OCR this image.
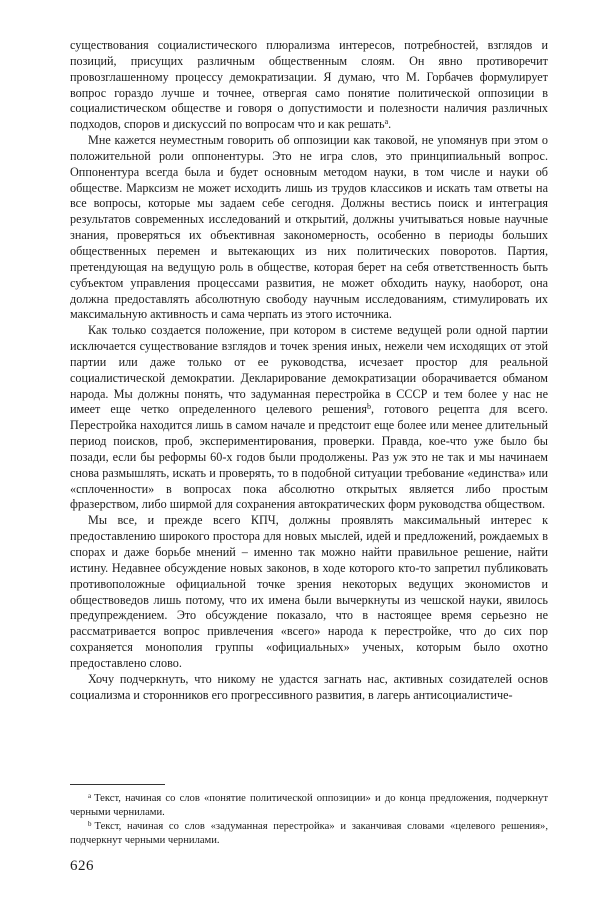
существования социалистического плюрализма интересов, потребностей, взглядов и позиций, присущих различным общественным слоям. Он явно противоречит провозглашенному процессу демократизации. Я думаю, что М. Горбачев формулирует вопрос гораздо лучше и точнее, отвергая само понятие политической оппозиции в социалистическом обществе и говоря о допустимости и полезности наличия различных подходов, споров и дискуссий по вопросам что и как решать$^a$.

Мне кажется неуместным говорить об оппозиции как таковой, не упомянув при этом о положительной роли оппонентуры. Это не игра слов, это принципиальный вопрос. Оппонентура всегда была и будет основным методом науки, в том числе и науки об обществе. Марксизм не может исходить лишь из трудов классиков и искать там ответы на все вопросы, которые мы задаем себе сегодня. Должны вестись поиск и интеграция результатов современных исследований и открытий, должны учитываться новые научные знания, проверяться их объективная закономерность, особенно в периоды больших общественных перемен и вытекающих из них политических поворотов. Партия, претендующая на ведущую роль в обществе, которая берет на себя ответственность быть субъектом управления процессами развития, не может обходить науку, наоборот, она должна предоставлять абсолютную свободу научным исследованиям, стимулировать их максимальную активность и сама черпать из этого источника.

Как только создается положение, при котором в системе ведущей роли одной партии исключается существование взглядов и точек зрения иных, нежели чем исходящих от этой партии или даже только от ее руководства, исчезает простор для реальной социалистической демократии. Декларирование демократизации оборачивается обманом народа. Мы должны понять, что задуманная перестройка в СССР и тем более у нас не имеет еще четко определенного целевого решения$^b$, готового рецепта для всего. Перестройка находится лишь в самом начале и предстоит еще более или менее длительный период поисков, проб, экспериментирования, проверки. Правда, кое-что уже было бы позади, если бы реформы 60-х годов были продолжены. Раз уж это не так и мы начинаем снова размышлять, искать и проверять, то в подобной ситуации требование «единства» или «сплоченности» в вопросах пока абсолютно открытых является либо простым фразерством, либо ширмой для сохранения автократических форм руководства обществом.

Мы все, и прежде всего КПЧ, должны проявлять максимальный интерес к предоставлению широкого простора для новых мыслей, идей и предложений, рождаемых в спорах и даже борьбе мнений – именно так можно найти правильное решение, найти истину. Недавнее обсуждение новых законов, в ходе которого кто-то запретил публиковать противоположные официальной точке зрения некоторых ведущих экономистов и обществоведов лишь потому, что их имена были вычеркнуты из чешской науки, явилось предупреждением. Это обсуждение показало, что в настоящее время серьезно не рассматривается вопрос привлечения «всего» народа к перестройке, что до сих пор сохраняется монополия группы «официальных» ученых, которым было охотно предоставлено слово.

Хочу подчеркнуть, что никому не удастся загнать нас, активных созидателей основ социализма и сторонников его прогрессивного развития, в лагерь антисоциалистиче-

$^a$ Текст, начиная со слов «понятие политической оппозиции» и до конца предложения, подчеркнут черными чернилами.

$^b$ Текст, начиная со слов «задуманная перестройка» и заканчивая словами «целевого решения», подчеркнут черными чернилами.

626
